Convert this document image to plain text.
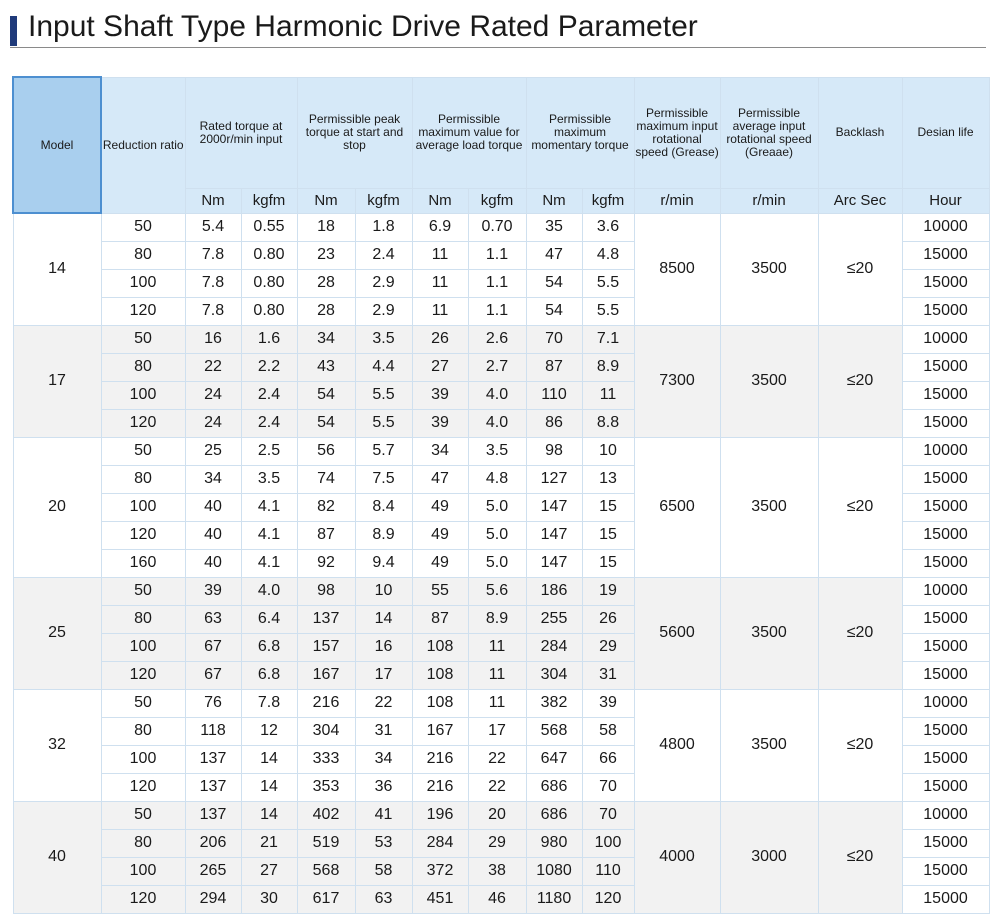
Input Shaft Type Harmonic Drive Rated Parameter
Model	Reduction ratio	Rated torque at 2000r/min input		Permissible peak torque at start and stop		Permissible maximum value for average load torque		Permissible maximum momentary torque		Permissible maximum input rotational speed (Grease)	Permissible average input rotational speed (Greaae)	Backlash	Desian life
		Nm	kgfm	Nm	kgfm	Nm	kgfm	Nm	kgfm	r/min	r/min	Arc Sec	Hour
14	50	5.4	0.55	18	1.8	6.9	0.70	35	3.6	8500	3500	≤20	10000
	80	7.8	0.80	23	2.4	11	1.1	47	4.8				15000
	100	7.8	0.80	28	2.9	11	1.1	54	5.5				15000
	120	7.8	0.80	28	2.9	11	1.1	54	5.5				15000
17	50	16	1.6	34	3.5	26	2.6	70	7.1	7300	3500	≤20	10000
	80	22	2.2	43	4.4	27	2.7	87	8.9				15000
	100	24	2.4	54	5.5	39	4.0	110	11				15000
	120	24	2.4	54	5.5	39	4.0	86	8.8				15000
20	50	25	2.5	56	5.7	34	3.5	98	10	6500	3500	≤20	10000
	80	34	3.5	74	7.5	47	4.8	127	13				15000
	100	40	4.1	82	8.4	49	5.0	147	15				15000
	120	40	4.1	87	8.9	49	5.0	147	15				15000
	160	40	4.1	92	9.4	49	5.0	147	15				15000
25	50	39	4.0	98	10	55	5.6	186	19	5600	3500	≤20	10000
	80	63	6.4	137	14	87	8.9	255	26				15000
	100	67	6.8	157	16	108	11	284	29				15000
	120	67	6.8	167	17	108	11	304	31				15000
32	50	76	7.8	216	22	108	11	382	39	4800	3500	≤20	10000
	80	118	12	304	31	167	17	568	58				15000
	100	137	14	333	34	216	22	647	66				15000
	120	137	14	353	36	216	22	686	70				15000
40	50	137	14	402	41	196	20	686	70	4000	3000	≤20	10000
	80	206	21	519	53	284	29	980	100				15000
	100	265	27	568	58	372	38	1080	110				15000
	120	294	30	617	63	451	46	1180	120				15000
